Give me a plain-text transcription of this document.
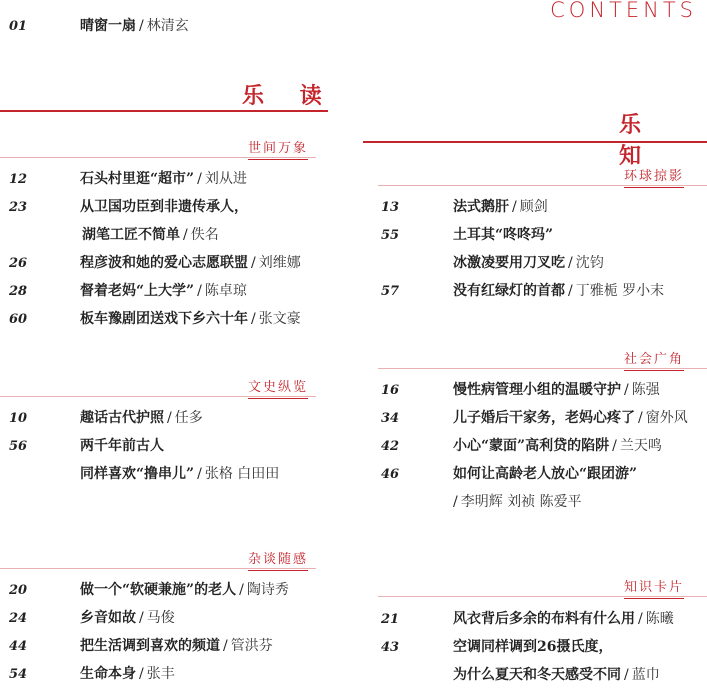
CONTENTS
01	晴窗一扇 / 林清玄
乐 读
世间万象
12	石头村里逛“超市” / 刘从进
23	从卫国功臣到非遗传承人，
湖笔工匠不简单 / 佚名
26	程彦波和她的爱心志愿联盟 / 刘维娜
28	督着老妈“上大学” / 陈卓琼
60	板车豫剧团送戏下乡六十年 / 张文豪
文史纵览
10	趣话古代护照 / 任多
56	两千年前古人
同样喜欢“撸串儿” / 张格 白田田
杂谈随感
20	做一个“软硬兼施”的老人 / 陶诗秀
24	乡音如故 / 马俊
44	把生活调到喜欢的频道 / 管洪芬
54	生命本身 / 张丰
乐 知
环球掠影
13	法式鹅肝 / 顾剑
55	土耳其“咚咚玛”
冰激凌要用刀叉吃 / 沈钧
57	没有红绿灯的首都 / 丁雅栀 罗小末
社会广角
16	慢性病管理小组的温暖守护 / 陈强
34	儿子婚后干家务，老妈心疼了 / 窗外风
42	小心“蒙面”高利贷的陷阱 / 兰天鸣
46	如何让高龄老人放心“跟团游”
/ 李明辉 刘祯 陈爱平
知识卡片
21	风衣背后多余的布料有什么用 / 陈曦
43	空调同样调到26摄氏度，
为什么夏天和冬天感受不同 / 蓝巾
